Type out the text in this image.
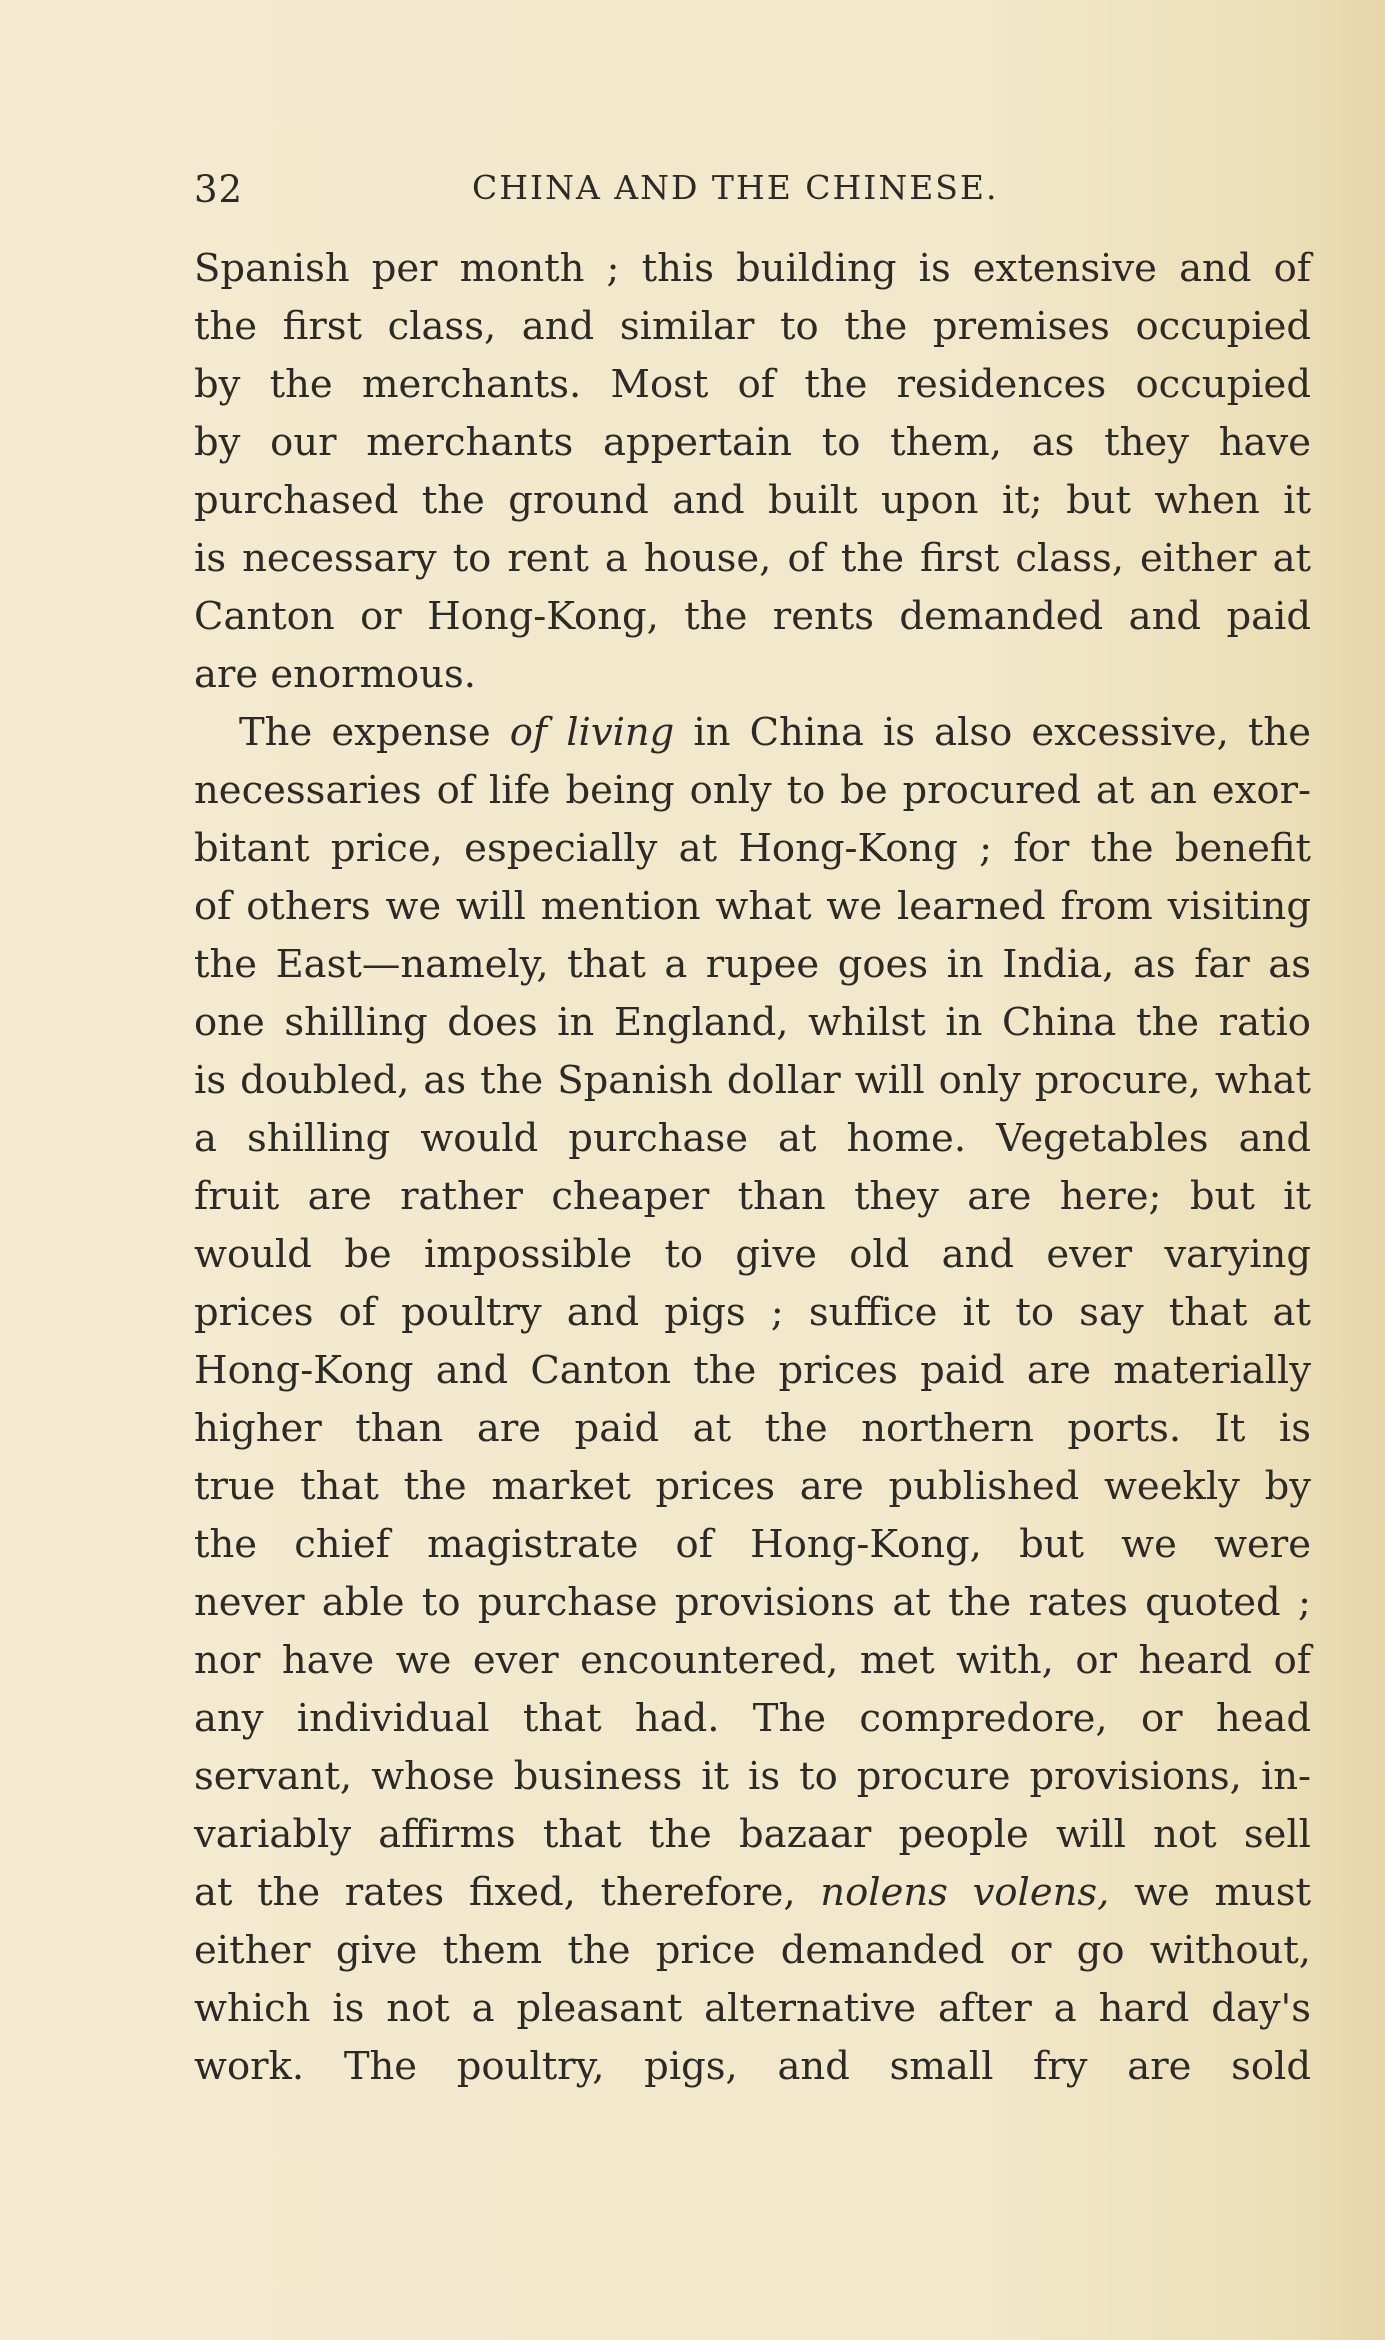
32	CHINA AND THE CHINESE.
Spanish per month ; this building is extensive and of
the first class, and similar to the premises occupied
by the merchants. Most of the residences occupied
by our merchants appertain to them, as they have
purchased the ground and built upon it; but when it
is necessary to rent a house, of the first class, either at
Canton or Hong-Kong, the rents demanded and paid
are enormous.
The expense of living in China is also excessive, the
necessaries of life being only to be procured at an exor-
bitant price, especially at Hong-Kong ; for the benefit
of others we will mention what we learned from visiting
the East—namely, that a rupee goes in India, as far as
one shilling does in England, whilst in China the ratio
is doubled, as the Spanish dollar will only procure, what
a shilling would purchase at home. Vegetables and
fruit are rather cheaper than they are here; but it
would be impossible to give old and ever varying
prices of poultry and pigs ; suffice it to say that at
Hong-Kong and Canton the prices paid are materially
higher than are paid at the northern ports. It is
true that the market prices are published weekly by
the chief magistrate of Hong-Kong, but we were
never able to purchase provisions at the rates quoted ;
nor have we ever encountered, met with, or heard of
any individual that had. The compredore, or head
servant, whose business it is to procure provisions, in-
variably affirms that the bazaar people will not sell
at the rates fixed, therefore, nolens volens, we must
either give them the price demanded or go without,
which is not a pleasant alternative after a hard day's
work. The poultry, pigs, and small fry are sold
